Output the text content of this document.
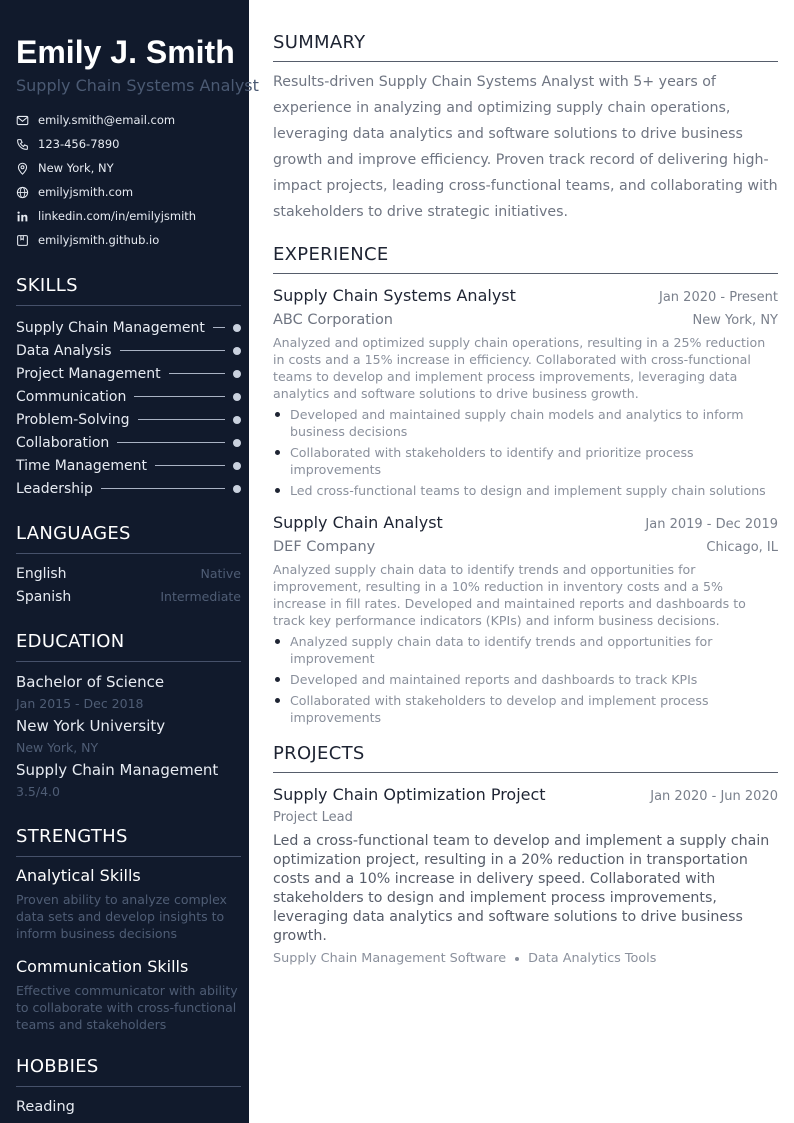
Emily J. Smith
Supply Chain Systems Analyst
emily.smith@email.com
123-456-7890
New York, NY
emilyjsmith.com
linkedin.com/in/emilyjsmith
emilyjsmith.github.io
SKILLS
Supply Chain Management
Data Analysis
Project Management
Communication
Problem-Solving
Collaboration
Time Management
Leadership
LANGUAGES
English	Native
Spanish	Intermediate
EDUCATION
Bachelor of Science
Jan 2015 - Dec 2018
New York University
New York, NY
Supply Chain Management
3.5/4.0
STRENGTHS
Analytical Skills
Proven ability to analyze complex data sets and develop insights to inform business decisions
Communication Skills
Effective communicator with ability to collaborate with cross-functional teams and stakeholders
HOBBIES
Reading
SUMMARY
Results-driven Supply Chain Systems Analyst with 5+ years of experience in analyzing and optimizing supply chain operations, leveraging data analytics and software solutions to drive business growth and improve efficiency. Proven track record of delivering high-impact projects, leading cross-functional teams, and collaborating with stakeholders to drive strategic initiatives.
EXPERIENCE
Supply Chain Systems Analyst	Jan 2020 - Present
ABC Corporation	New York, NY
Analyzed and optimized supply chain operations, resulting in a 25% reduction in costs and a 15% increase in efficiency. Collaborated with cross-functional teams to develop and implement process improvements, leveraging data analytics and software solutions to drive business growth.
Developed and maintained supply chain models and analytics to inform business decisions
Collaborated with stakeholders to identify and prioritize process improvements
Led cross-functional teams to design and implement supply chain solutions
Supply Chain Analyst	Jan 2019 - Dec 2019
DEF Company	Chicago, IL
Analyzed supply chain data to identify trends and opportunities for improvement, resulting in a 10% reduction in inventory costs and a 5% increase in fill rates. Developed and maintained reports and dashboards to track key performance indicators (KPIs) and inform business decisions.
Analyzed supply chain data to identify trends and opportunities for improvement
Developed and maintained reports and dashboards to track KPIs
Collaborated with stakeholders to develop and implement process improvements
PROJECTS
Supply Chain Optimization Project	Jan 2020 - Jun 2020
Project Lead
Led a cross-functional team to develop and implement a supply chain optimization project, resulting in a 20% reduction in transportation costs and a 10% increase in delivery speed. Collaborated with stakeholders to design and implement process improvements, leveraging data analytics and software solutions to drive business growth.
Supply Chain Management Software Data Analytics Tools
